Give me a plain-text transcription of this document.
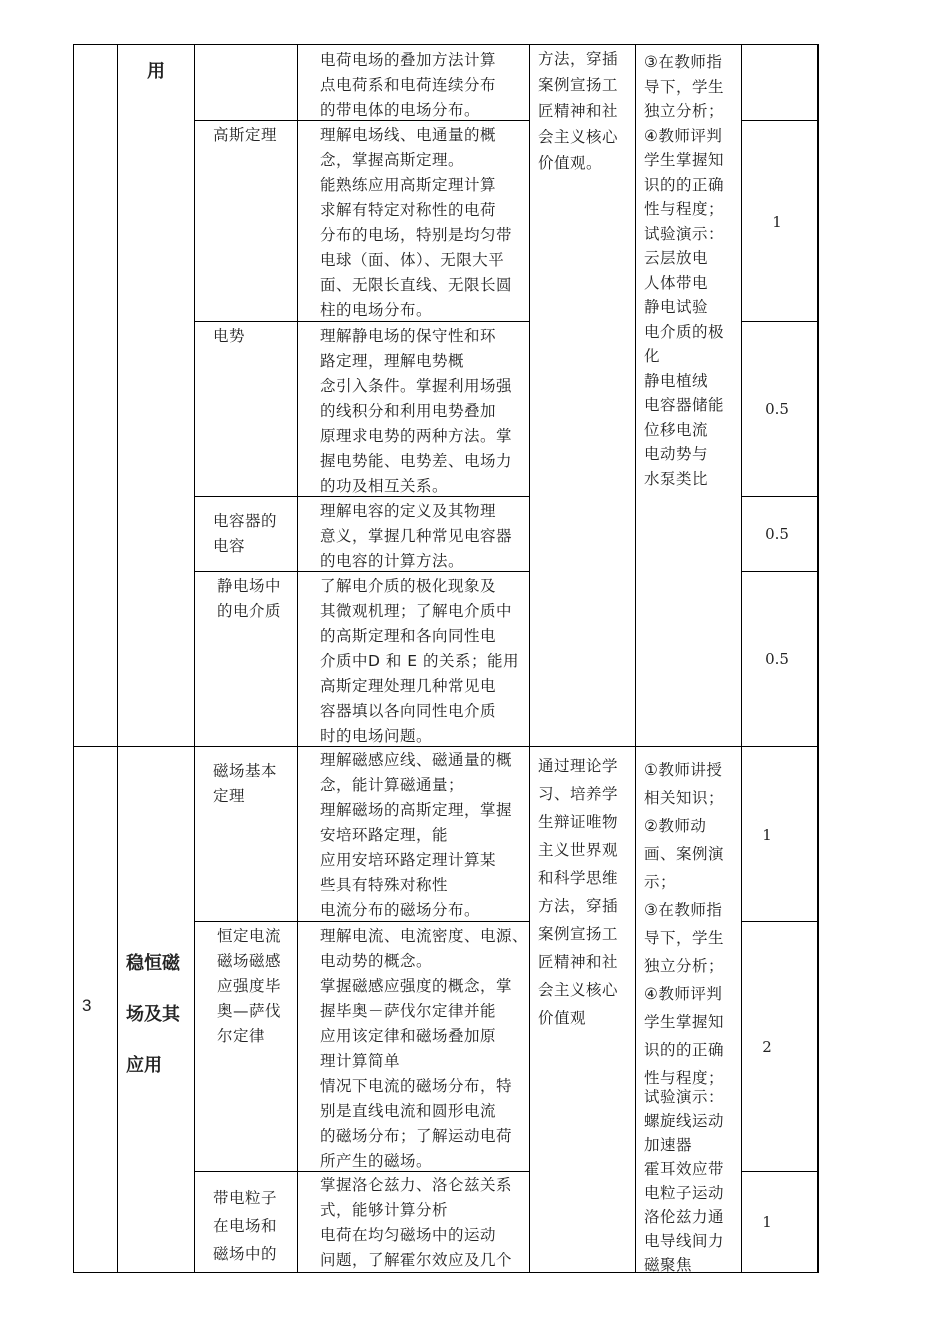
用
电荷电场的叠加方法计算
点电荷系和电荷连续分布
的带电体的电场分布。
高斯定理	理解电场线、电通量的概
念，掌握高斯定理。
能熟练应用高斯定理计算
求解有特定对称性的电荷
分布的电场，特别是均匀带
电球（面、体）、无限大平
面、无限长直线、无限长圆
柱的电场分布。
1
电势	理解静电场的保守性和环
路定理，理解电势概
念引入条件。掌握利用场强
的线积分和利用电势叠加
原理求电势的两种方法。掌
握电势能、电势差、电场力
的功及相互关系。
0.5
电容器的
电容
理解电容的定义及其物理
意义，掌握几种常见电容器
的电容的计算方法。
0.5
静电场中
的电介质
了解电介质的极化现象及
其微观机理；了解电介质中
的高斯定理和各向同性电
介质中D 和 E 的关系；能用
高斯定理处理几种常见电
容器填以各向同性电介质
时的电场问题。
0.5
方法，穿插
案例宣扬工
匠精神和社
会主义核心
价值观。
③在教师指
导下，学生
独立分析；
④教师评判
学生掌握知
识的的正确
性与程度；
试验演示：
云层放电
人体带电
静电试验
电介质的极
化
静电植绒
电容器储能
位移电流
电动势与
水泵类比
3
稳恒磁
场及其
应用
磁场基本
定理
理解磁感应线、磁通量的概
念，能计算磁通量；
理解磁场的高斯定理，掌握
安培环路定理，能
应用安培环路定理计算某
些具有特殊对称性
电流分布的磁场分布。
1
恒定电流
磁场磁感
应强度毕
奥—萨伐
尔定律
理解电流、电流密度、电源、
电动势的概念。
掌握磁感应强度的概念，掌
握毕奥－萨伐尔定律并能
应用该定律和磁场叠加原
理计算简单
情况下电流的磁场分布，特
别是直线电流和圆形电流
的磁场分布；了解运动电荷
所产生的磁场。
2
带电粒子
在电场和
磁场中的
掌握洛仑兹力、洛仑兹关系
式，能够计算分析
电荷在均匀磁场中的运动
问题，了解霍尔效应及几个
1
通过理论学
习、培养学
生辩证唯物
主义世界观
和科学思维
方法，穿插
案例宣扬工
匠精神和社
会主义核心
价值观
①教师讲授
相关知识；
②教师动
画、案例演
示；
③在教师指
导下，学生
独立分析；
④教师评判
学生掌握知
识的的正确
性与程度；
试验演示：
螺旋线运动
加速器
霍耳效应带
电粒子运动
洛伦兹力通
电导线间力
磁聚焦
